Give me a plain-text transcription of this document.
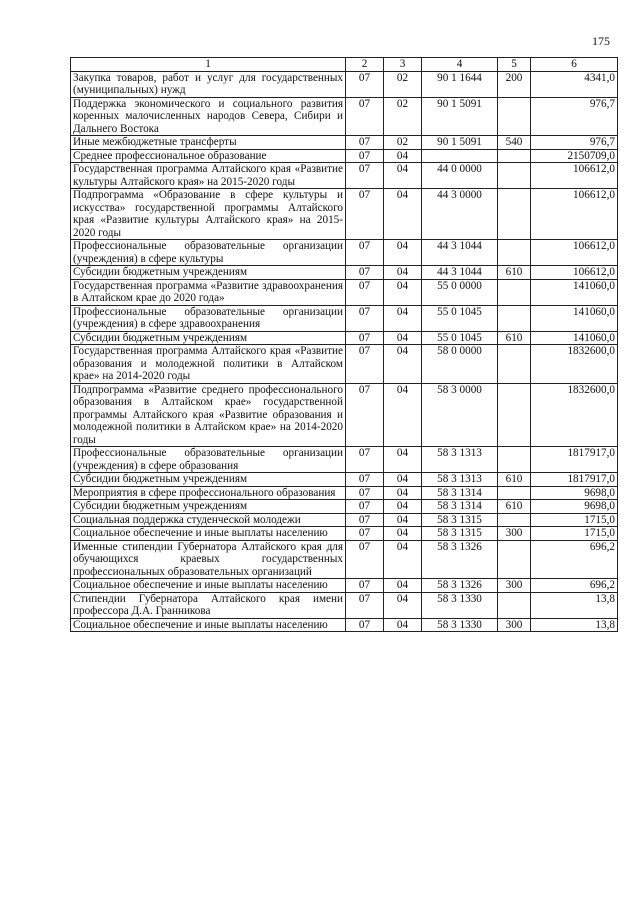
175
1	2	3	4	5	6
Закупка товаров, работ и услуг для государственных (муниципальных) нужд	07	02	90 1 1644	200	4341,0
Поддержка экономического и социального развития коренных малочисленных народов Севера, Сибири и Дальнего Востока	07	02	90 1 5091		976,7
Иные межбюджетные трансферты	07	02	90 1 5091	540	976,7
Среднее профессиональное образование	07	04			2150709,0
Государственная программа Алтайского края «Развитие культуры Алтайского края» на 2015-2020 годы	07	04	44 0 0000		106612,0
Подпрограмма «Образование в сфере культуры и искусства» государственной программы Алтайского края «Развитие культуры Алтайского края» на 2015-2020 годы	07	04	44 3 0000		106612,0
Профессиональные образовательные организации (учреждения) в сфере культуры	07	04	44 3 1044		106612,0
Субсидии бюджетным учреждениям	07	04	44 3 1044	610	106612,0
Государственная программа «Развитие здравоохранения в Алтайском крае до 2020 года»	07	04	55 0 0000		141060,0
Профессиональные образовательные организации (учреждения) в сфере здравоохранения	07	04	55 0 1045		141060,0
Субсидии бюджетным учреждениям	07	04	55 0 1045	610	141060,0
Государственная программа Алтайского края «Развитие образования и молодежной политики в Алтайском крае» на 2014-2020 годы	07	04	58 0 0000		1832600,0
Подпрограмма «Развитие среднего профессионального образования в Алтайском крае» государственной программы Алтайского края «Развитие образования и молодежной политики в Алтайском крае» на 2014-2020 годы	07	04	58 3 0000		1832600,0
Профессиональные образовательные организации (учреждения) в сфере образования	07	04	58 3 1313		1817917,0
Субсидии бюджетным учреждениям	07	04	58 3 1313	610	1817917,0
Мероприятия в сфере профессионального образования	07	04	58 3 1314		9698,0
Субсидии бюджетным учреждениям	07	04	58 3 1314	610	9698,0
Социальная поддержка студенческой молодежи	07	04	58 3 1315		1715,0
Социальное обеспечение и иные выплаты населению	07	04	58 3 1315	300	1715,0
Именные стипендии Губернатора Алтайского края для обучающихся краевых государственных профессиональных образовательных организаций	07	04	58 3 1326		696,2
Социальное обеспечение и иные выплаты населению	07	04	58 3 1326	300	696,2
Стипендии Губернатора Алтайского края имени профессора Д.А. Гранникова	07	04	58 3 1330		13,8
Социальное обеспечение и иные выплаты населению	07	04	58 3 1330	300	13,8
